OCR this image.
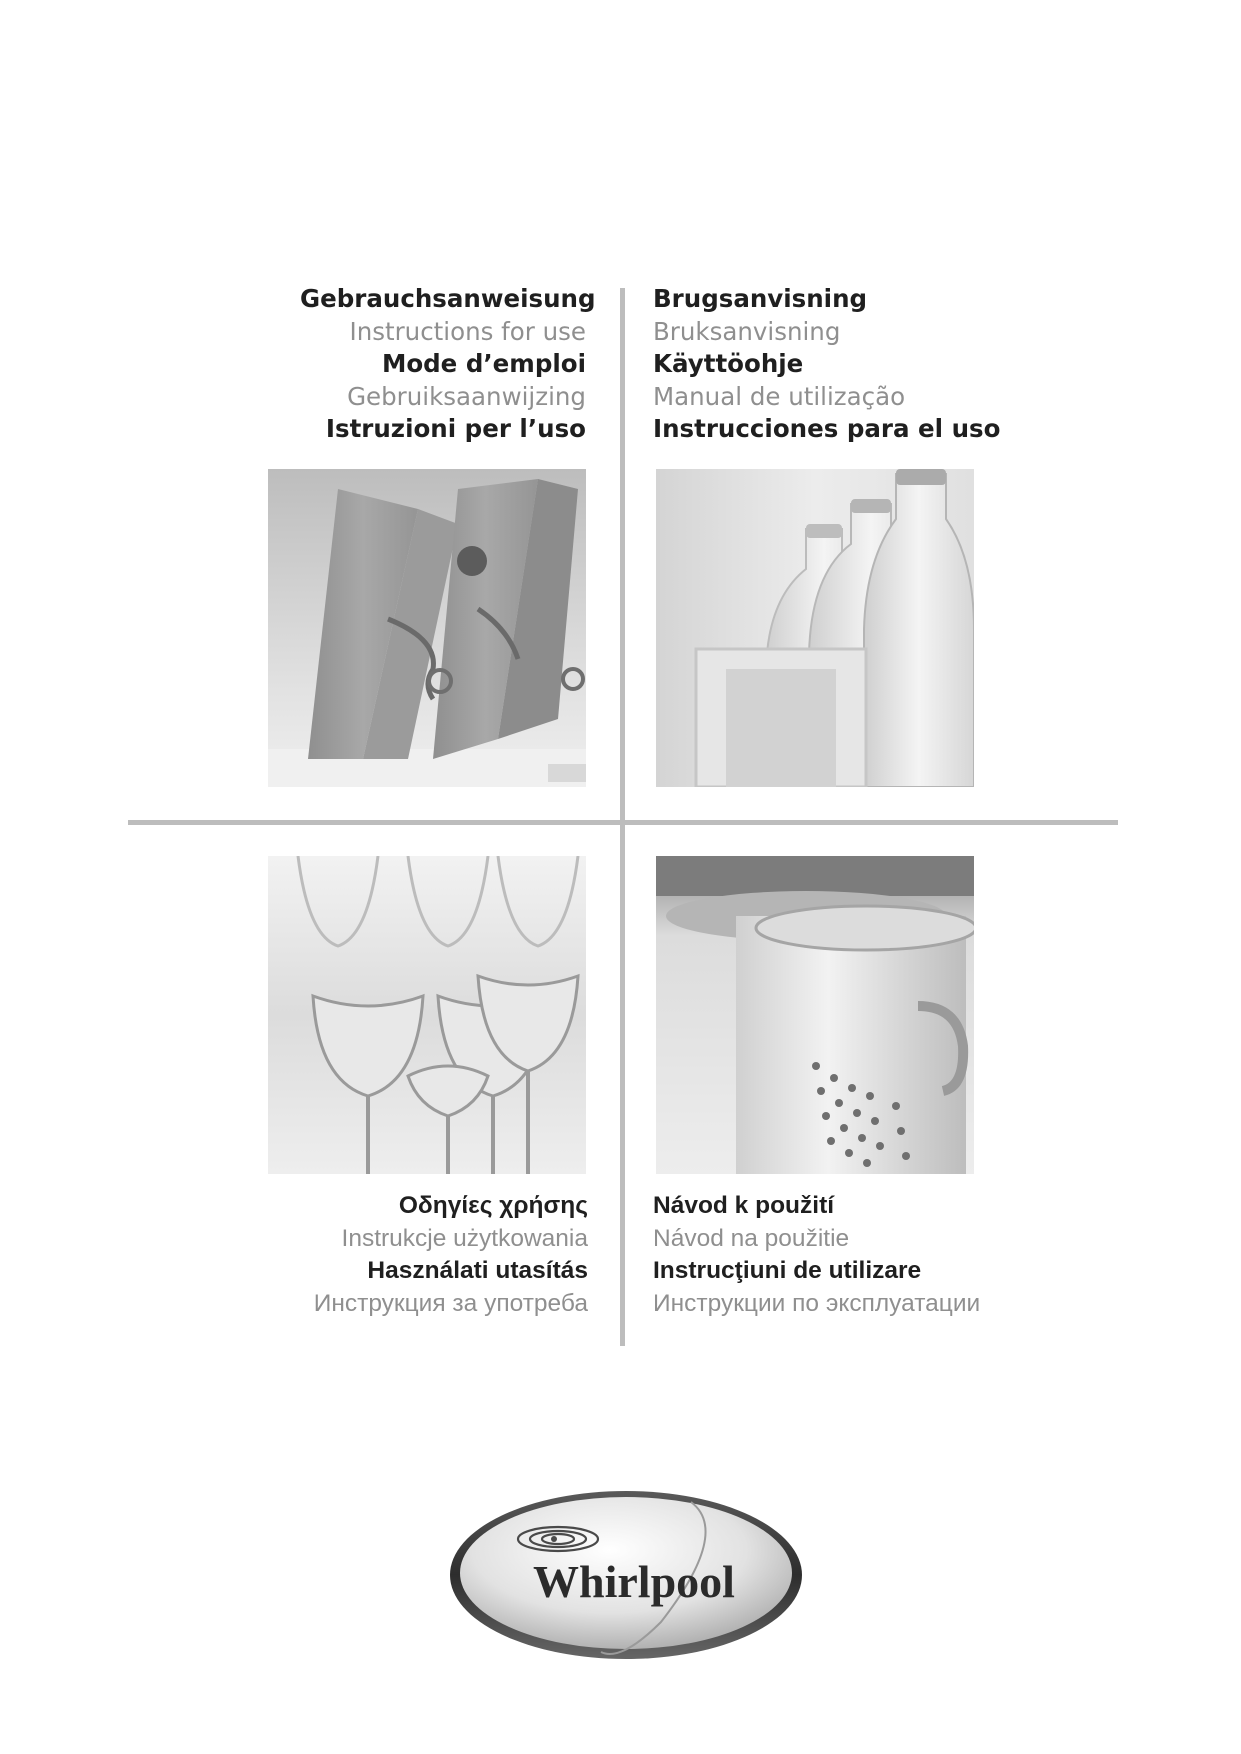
Gebrauchsanweisung
Instructions for use
Mode d’emploi
Gebruiksaanwijzing
Istruzioni per l’uso
Brugsanvisning
Bruksanvisning
Käyttöohje
Manual de utilização
Instrucciones para el uso
Οδηγίες χρήσης
Instrukcje użytkowania
Használati utasítás
Инструкция за употреба
Návod k použití
Návod na použitie
Instrucţiuni de utilizare
Инструкции по эксплуатации
Whirlpool
